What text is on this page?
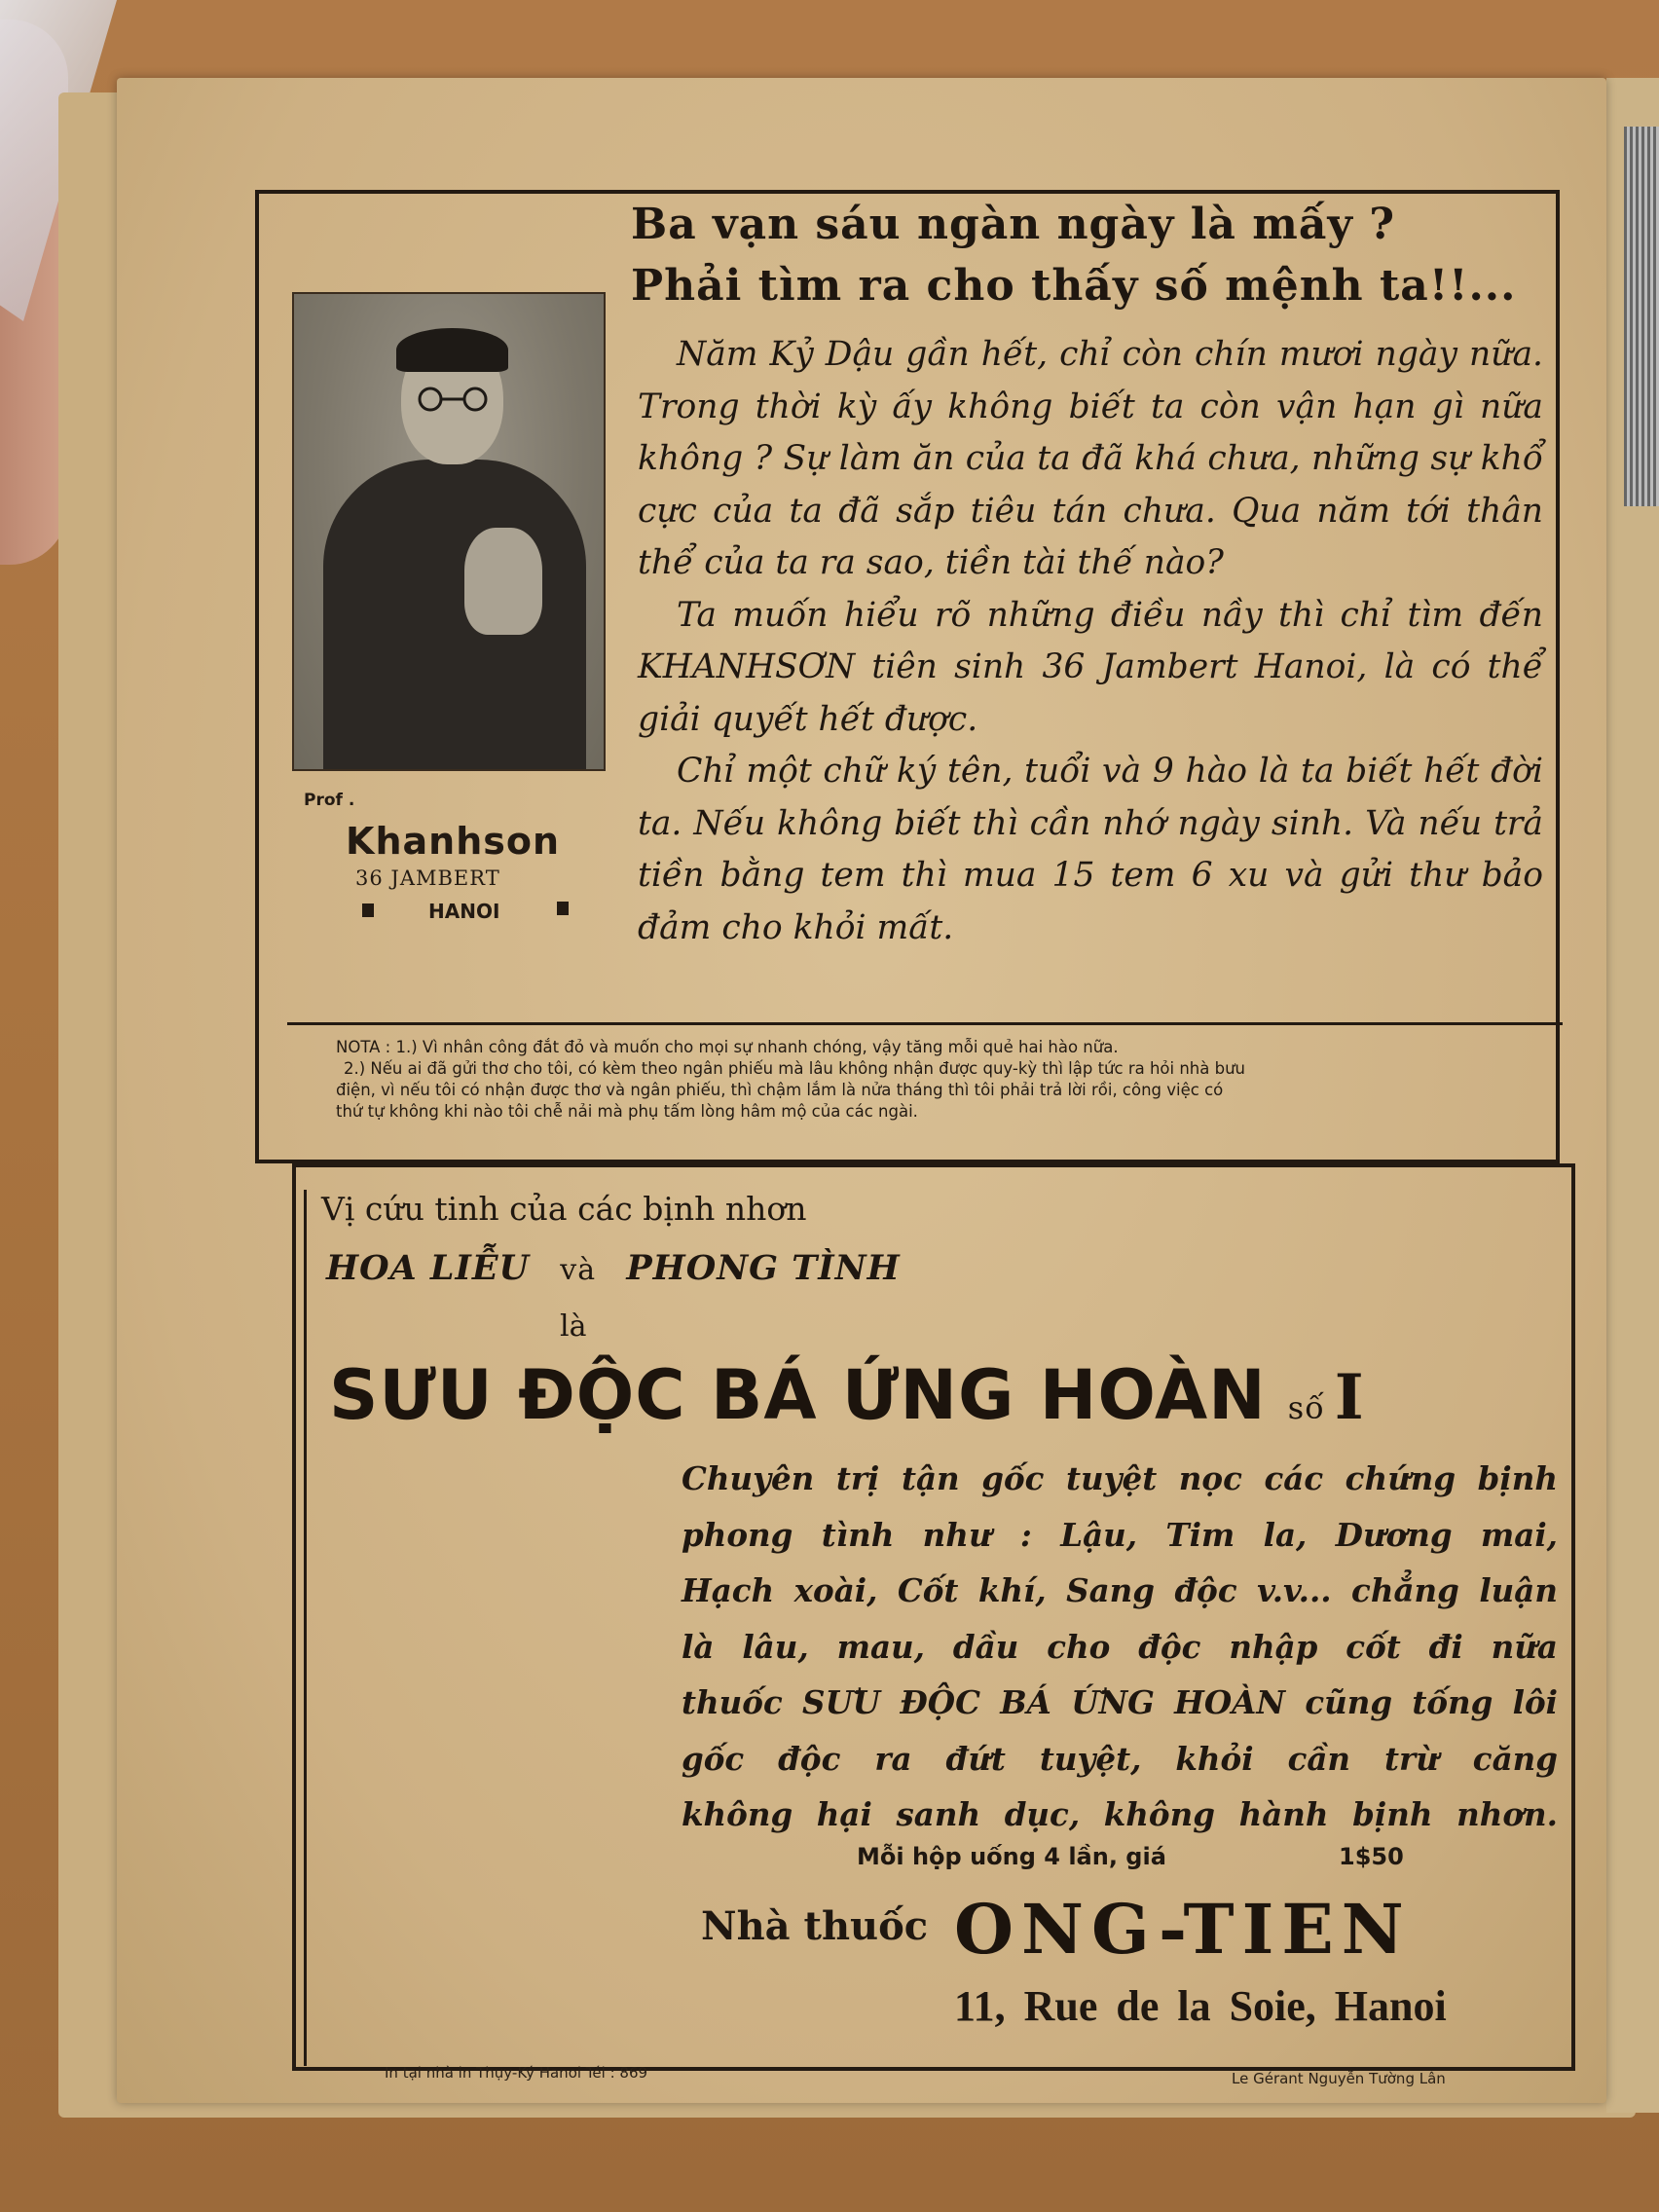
Prof .
Khanhson
36 JAMBERT
HANOI
Ba vạn sáu ngàn ngày là mấy ?
Phải tìm ra cho thấy số mệnh ta!!...

Năm Kỷ Dậu gần hết, chỉ còn chín mươi ngày nữa. Trong thời kỳ ấy không biết ta còn vận hạn gì nữa không ? Sự làm ăn của ta đã khá chưa, những sự khổ cực của ta đã sắp tiêu tán chưa. Qua năm tới thân thể của ta ra sao, tiền tài thế nào?

Ta muốn hiểu rõ những điều nầy thì chỉ tìm đến KHANHSƠN tiên sinh 36 Jambert Hanoi, là có thể giải quyết hết được.

Chỉ một chữ ký tên, tuổi và 9 hào là ta biết hết đời ta. Nếu không biết thì cần nhớ ngày sinh. Và nếu trả tiền bằng tem thì mua 15 tem 6 xu và gửi thư bảo đảm cho khỏi mất.

NOTA : 1.) Vì nhân công đắt đỏ và muốn cho mọi sự nhanh chóng, vậy tăng mỗi quẻ hai hào nữa.
2.) Nếu ai đã gửi thơ cho tôi, có kèm theo ngân phiếu mà lâu không nhận được quy-kỳ thì lập tức ra hỏi nhà bưu
điện, vì nếu tôi có nhận được thơ và ngân phiếu, thì chậm lắm là nửa tháng thì tôi phải trả lời rồi, công việc có
thứ tự không khi nào tôi chễ nải mà phụ tấm lòng hâm mộ của các ngài.
Vị cứu tinh của các bịnh nhơn
HOA LIỄU và PHONG TÌNH
là
SƯU ĐỘC BÁ ỨNG HOÀN số I
Chuyên trị tận gốc tuyệt nọc các chứng bịnh
phong tình như : Lậu, Tim la, Dương mai,
Hạch xoài, Cốt khí, Sang độc v.v... chẳng luận
là lâu, mau, dầu cho độc nhập cốt đi nữa
thuốc SƯU ĐỘC BÁ ỨNG HOÀN cũng tống lôi
gốc độc ra đứt tuyệt, khỏi cần trừ căng
không hại sanh dục, không hành bịnh nhơn.
Mỗi hộp uống 4 lần, giá	1$50
Nhà thuốc ONG-TIEN
11, Rue de la Soie, Hanoi
In tại nhà in Thụy-Ký Hanoi Tél : 869	Le Gérant Nguyễn Tường Lân
